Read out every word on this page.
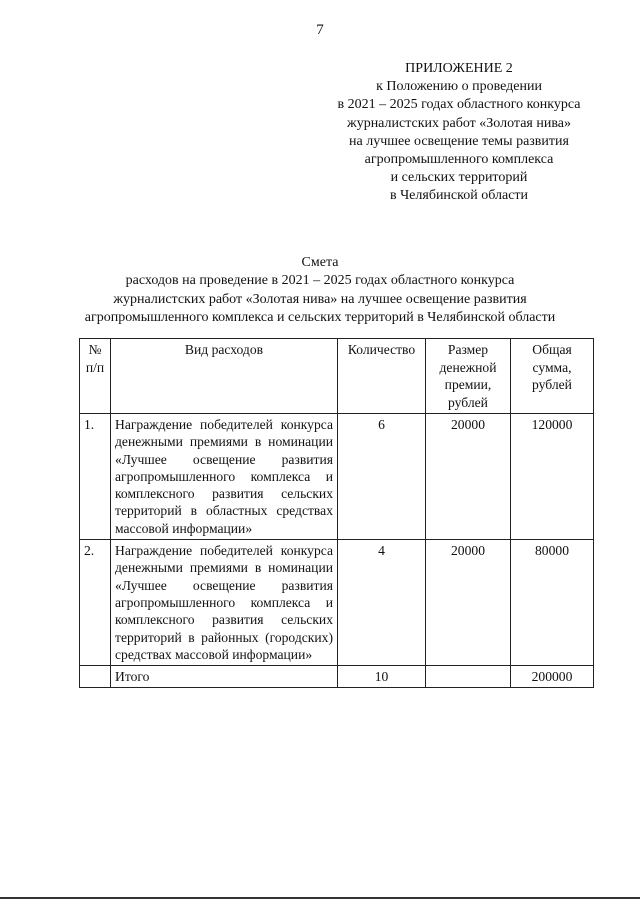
7
ПРИЛОЖЕНИЕ 2
к Положению о проведении
в 2021 – 2025 годах областного конкурса
журналистских работ «Золотая нива»
на лучшее освещение темы развития
агропромышленного комплекса
и сельских территорий
в Челябинской области
Смета
расходов на проведение в 2021 – 2025 годах областного конкурса
журналистских работ «Золотая нива» на лучшее освещение развития
агропромышленного комплекса и сельских территорий в Челябинской области
№ п/п	Вид расходов	Количество	Размер денежной премии, рублей	Общая сумма, рублей
1.	Награждение победителей конкурса денежными премиями в номинации «Лучшее освещение развития агропромышленного комплекса и комплексного развития сельских территорий в областных средствах массовой информации»	6	20000	120000
2.	Награждение победителей конкурса денежными премиями в номинации «Лучшее освещение развития агропромышленного комплекса и комплексного развития сельских территорий в районных (городских) средствах массовой информации»	4	20000	80000
	Итого	10		200000
